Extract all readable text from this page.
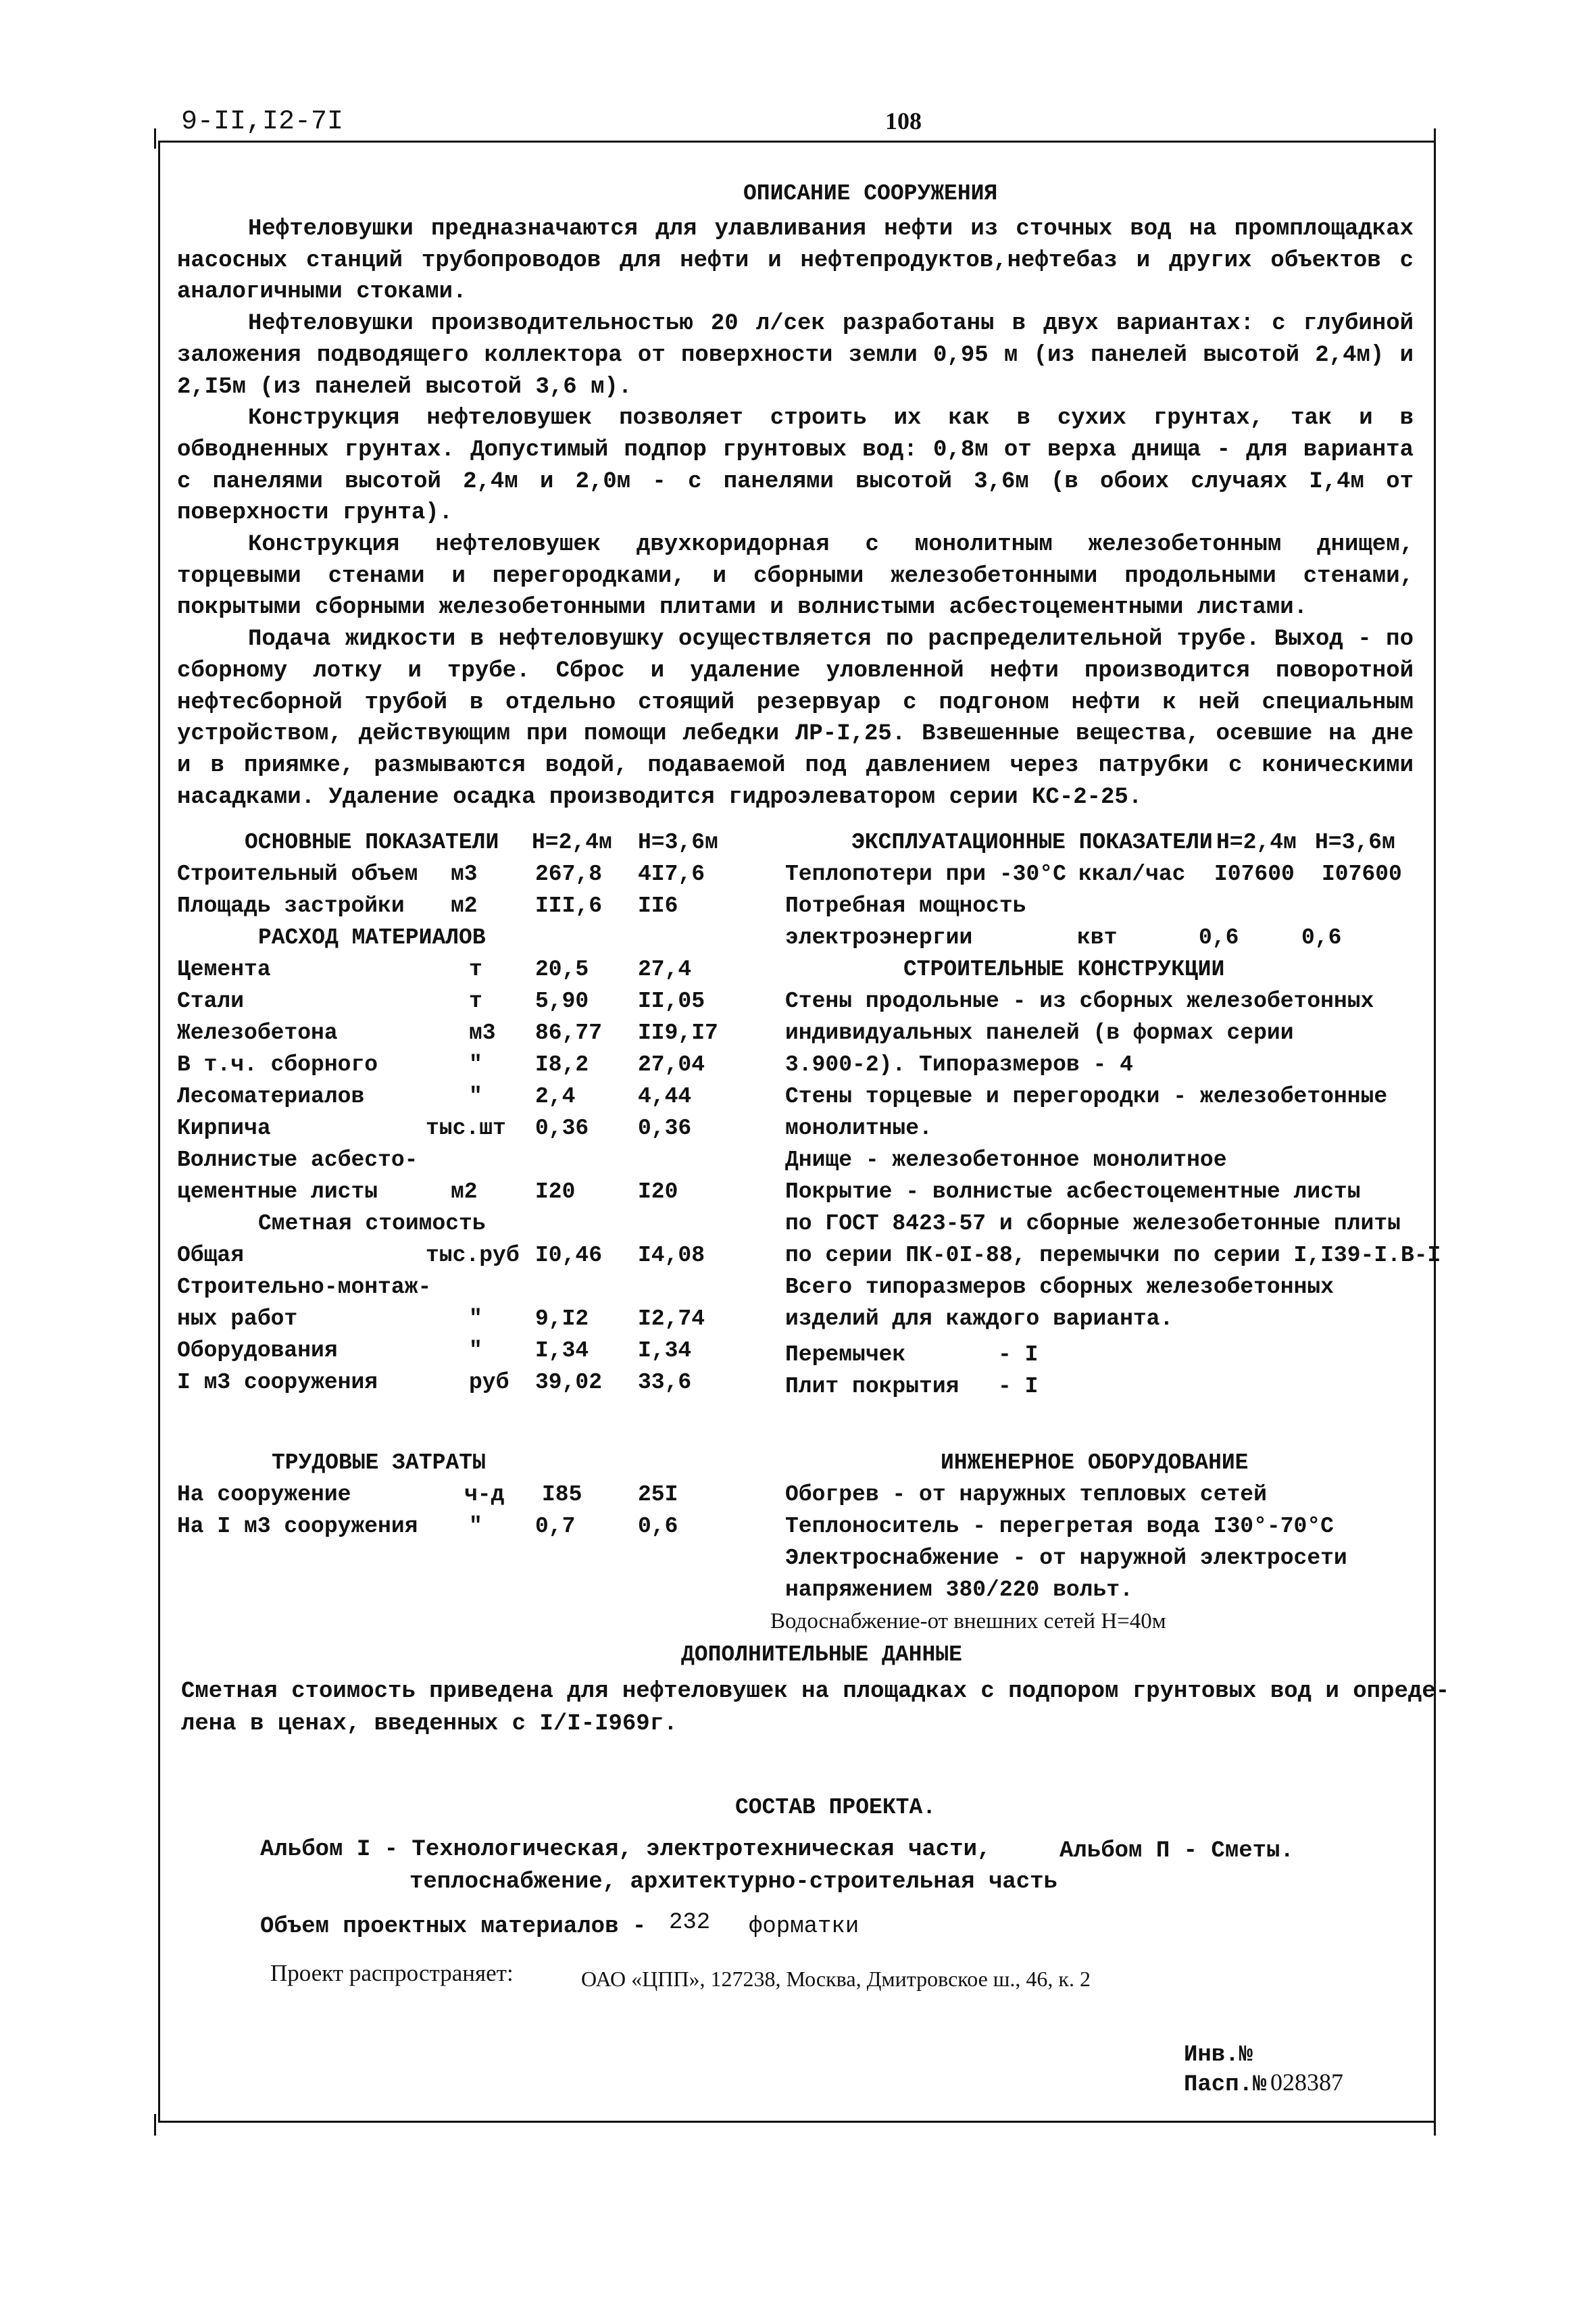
9-II,I2-7I	108
ОПИСАНИЕ СООРУЖЕНИЯ

Нефтеловушки предназначаются для улавливания нефти из сточных вод на промплощадках насосных станций трубопроводов для нефти и нефтепродуктов,нефтебаз и других объектов с аналогичными стоками.

Нефтеловушки производительностью 20 л/сек разработаны в двух вариантах: с глубиной заложения подводящего коллектора от поверхности земли 0,95 м (из панелей высотой 2,4м) и 2,I5м (из панелей высотой 3,6 м).

Конструкция нефтеловушек позволяет строить их как в сухих грунтах, так и в обводненных грунтах. Допустимый подпор грунтовых вод: 0,8м от верха днища - для варианта с панелями высотой 2,4м и 2,0м - с панелями высотой 3,6м (в обоих случаях I,4м от поверхности грунта).

Конструкция нефтеловушек двухкоридорная с монолитным железобетонным днищем, торцевыми стенами и перегородками, и сборными железобетонными продольными стенами, покрытыми сборными железобетонными плитами и волнистыми асбестоцементными листами.

Подача жидкости в нефтеловушку осуществляется по распределительной трубе. Выход - по сборному лотку и трубе. Сброс и удаление уловленной нефти производится поворотной нефтесборной трубой в отдельно стоящий резервуар с подгоном нефти к ней специальным устройством, действующим при помощи лебедки ЛР-I,25. Взвешенные вещества, осевшие на дне и в приямке, размываются водой, подаваемой под давлением через патрубки с коническими насадками. Удаление осадка производится гидроэлеватором серии КС-2-25.

ОСНОВНЫЕ ПОКАЗАТЕЛИ Н=2,4м Н=3,6м
Строительный объем м3	267,8 4I7,6
Площадь застройки м2	III,6 II6
РАСХОД МАТЕРИАЛОВ
Цемента	т 20,5 27,4
Стали	т 5,90 II,05
Железобетона	м3 86,77 II9,I7
В т.ч. сборного	" I8,2 27,04
Лесоматериалов	" 2,4	4,44
Кирпича	тыс.шт 0,36 0,36
Волнистые асбесто-
цементные листы	м2	I20	I20
Сметная стоимость
Общая	тыс.руб I0,46 I4,08
Строительно-монтаж-
ных работ	" 9,I2 I2,74
Оборудования	" I,34 I,34
I м3 сооружения	руб 39,02 33,6
ЭКСПЛУАТАЦИОННЫЕ ПОКАЗАТЕЛИ Н=2,4м Н=3,6м
Теплопотери при -30°С ккал/час I07600 I07600
Потребная мощность
электроэнергии	квт	0,6	0,6
СТРОИТЕЛЬНЫЕ КОНСТРУКЦИИ
Стены продольные - из сборных железобетонных
индивидуальных панелей (в формах серии
3.900-2). Типоразмеров - 4
Стены торцевые и перегородки - железобетонные
монолитные.
Днище - железобетонное монолитное
Покрытие - волнистые асбестоцементные листы
по ГОСТ 8423-57 и сборные железобетонные плиты
по серии ПК-0I-88, перемычки по серии I,I39-I.В-I
Всего типоразмеров сборных железобетонных
изделий для каждого варианта.
Перемычек	- I
Плит покрытия - I
ТРУДОВЫЕ ЗАТРАТЫ
На сооружение	ч-д I85	25I
На I м3 сооружения " 0,7	0,6
ИНЖЕНЕРНОЕ ОБОРУДОВАНИЕ
Обогрев - от наружных тепловых сетей
Теплоноситель - перегретая вода I30°-70°С
Электроснабжение - от наружной электросети
напряжением 380/220 вольт.
Водоснабжение-от внешних сетей Н=40м
ДОПОЛНИТЕЛЬНЫЕ ДАННЫЕ
Сметная стоимость приведена для нефтеловушек на площадках с подпором грунтовых вод и опреде-
лена в ценах, введенных с I/I-I969г.
СОСТАВ ПРОЕКТА.
Альбом I - Технологическая, электротехническая части,
теплоснабжение, архитектурно-строительная часть
Альбом П - Сметы.
Объем проектных материалов - 232 форматки
Проект распространяет:	ОАО «ЦПП», 127238, Москва, Дмитровское ш., 46, к. 2
Инв.№
Пасп.№ 028387
